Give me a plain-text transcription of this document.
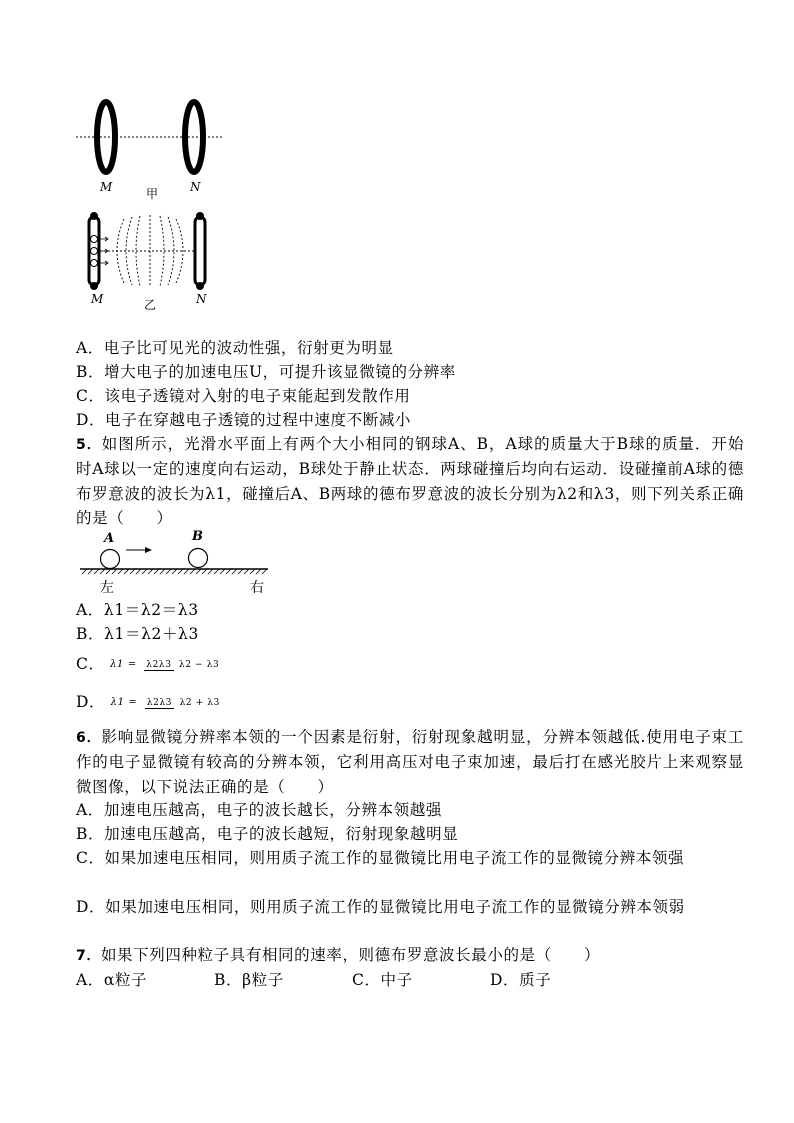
M	N
甲
M	N
乙
A．电子比可见光的波动性强，衍射更为明显
B．增大电子的加速电压U，可提升该显微镜的分辨率
C．该电子透镜对入射的电子束能起到发散作用
D．电子在穿越电子透镜的过程中速度不断减小
5．如图所示，光滑水平面上有两个大小相同的钢球A、B，A球的质量大于B球的质量．开始时A球以一定的速度向右运动，B球处于静止状态．两球碰撞后均向右运动．设碰撞前A球的德布罗意波的波长为λ1，碰撞后A、B两球的德布罗意波的波长分别为λ2和λ3，则下列关系正确的是（　　）
A	B
左	右
A．λ1＝λ2＝λ3
B．λ1＝λ2＋λ3
C． λ1 = λ2λ3 λ2 − λ3
D． λ1 = λ2λ3 λ2 + λ3
6．影响显微镜分辨率本领的一个因素是衍射，衍射现象越明显，分辨本领越低.使用电子束工作的电子显微镜有较高的分辨本领，它利用高压对电子束加速，最后打在感光胶片上来观察显微图像，以下说法正确的是（　　）
A．加速电压越高，电子的波长越长，分辨本领越强
B．加速电压越高，电子的波长越短，衍射现象越明显
C．如果加速电压相同，则用质子流工作的显微镜比用电子流工作的显微镜分辨本领强
D．如果加速电压相同，则用质子流工作的显微镜比用电子流工作的显微镜分辨本领弱
7．如果下列四种粒子具有相同的速率，则德布罗意波长最小的是（　　）
A．α粒子	B．β粒子	C．中子	D．质子
